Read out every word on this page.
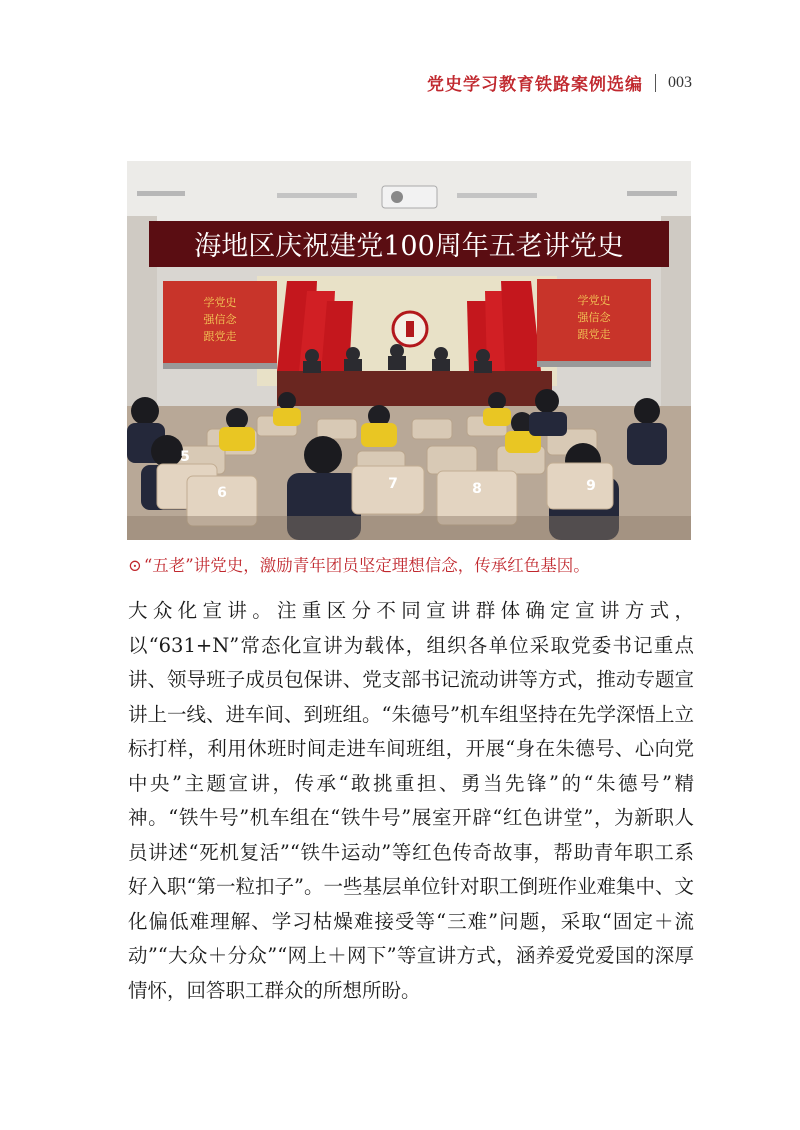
党史学习教育铁路案例选编 003
海地区庆祝建党100周年五老讲党史
学党史
强信念
跟党走
学党史
强信念
跟党走
5
6
7	8	9
⊙ “五老”讲党史，激励青年团员坚定理想信念，传承红色基因。

大众化宣讲。注重区分不同宣讲群体确定宣讲方式，以“631+N”常态化宣讲为载体，组织各单位采取党委书记重点讲、领导班子成员包保讲、党支部书记流动讲等方式，推动专题宣讲上一线、进车间、到班组。“朱德号”机车组坚持在先学深悟上立标打样，利用休班时间走进车间班组，开展“身在朱德号、心向党中央”主题宣讲，传承“敢挑重担、勇当先锋”的“朱德号”精神。“铁牛号”机车组在“铁牛号”展室开辟“红色讲堂”，为新职人员讲述“死机复活”“铁牛运动”等红色传奇故事，帮助青年职工系好入职“第一粒扣子”。一些基层单位针对职工倒班作业难集中、文化偏低难理解、学习枯燥难接受等“三难”问题，采取“固定＋流动”“大众＋分众”“网上＋网下”等宣讲方式，涵养爱党爱国的深厚情怀，回答职工群众的所想所盼。
